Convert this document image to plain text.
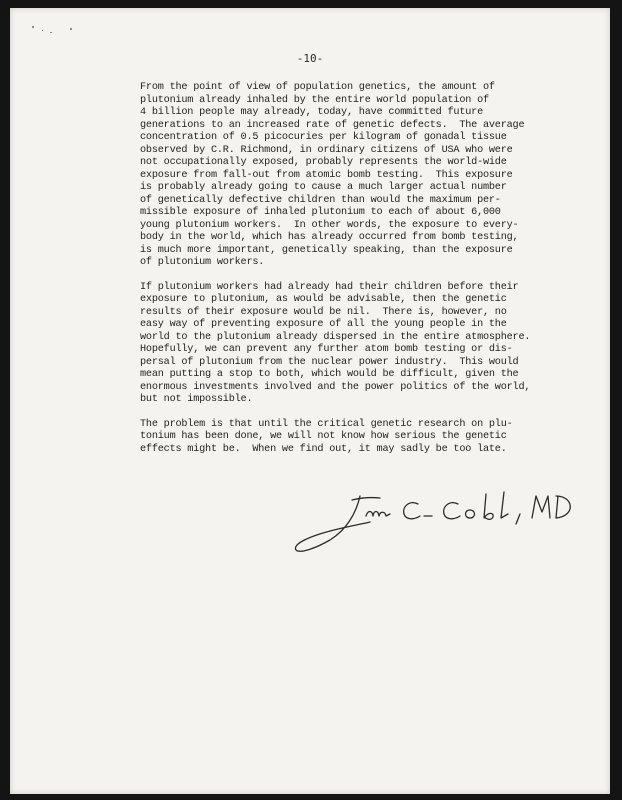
-10-

From the point of view of population genetics, the amount of
plutonium already inhaled by the entire world population of
4 billion people may already, today, have committed future
generations to an increased rate of genetic defects.  The average
concentration of 0.5 picocuries per kilogram of gonadal tissue
observed by C.R. Richmond, in ordinary citizens of USA who were
not occupationally exposed, probably represents the world-wide
exposure from fall-out from atomic bomb testing.  This exposure
is probably already going to cause a much larger actual number
of genetically defective children than would the maximum per-
missible exposure of inhaled plutonium to each of about 6,000
young plutonium workers.  In other words, the exposure to every-
body in the world, which has already occurred from bomb testing,
is much more important, genetically speaking, than the exposure
of plutonium workers.

If plutonium workers had already had their children before their
exposure to plutonium, as would be advisable, then the genetic
results of their exposure would be nil.  There is, however, no
easy way of preventing exposure of all the young people in the
world to the plutonium already dispersed in the entire atmosphere.
Hopefully, we can prevent any further atom bomb testing or dis-
persal of plutonium from the nuclear power industry.  This would
mean putting a stop to both, which would be difficult, given the
enormous investments involved and the power politics of the world,
but not impossible.

The problem is that until the critical genetic research on plu-
tonium has been done, we will not know how serious the genetic
effects might be.  When we find out, it may sadly be too late.
